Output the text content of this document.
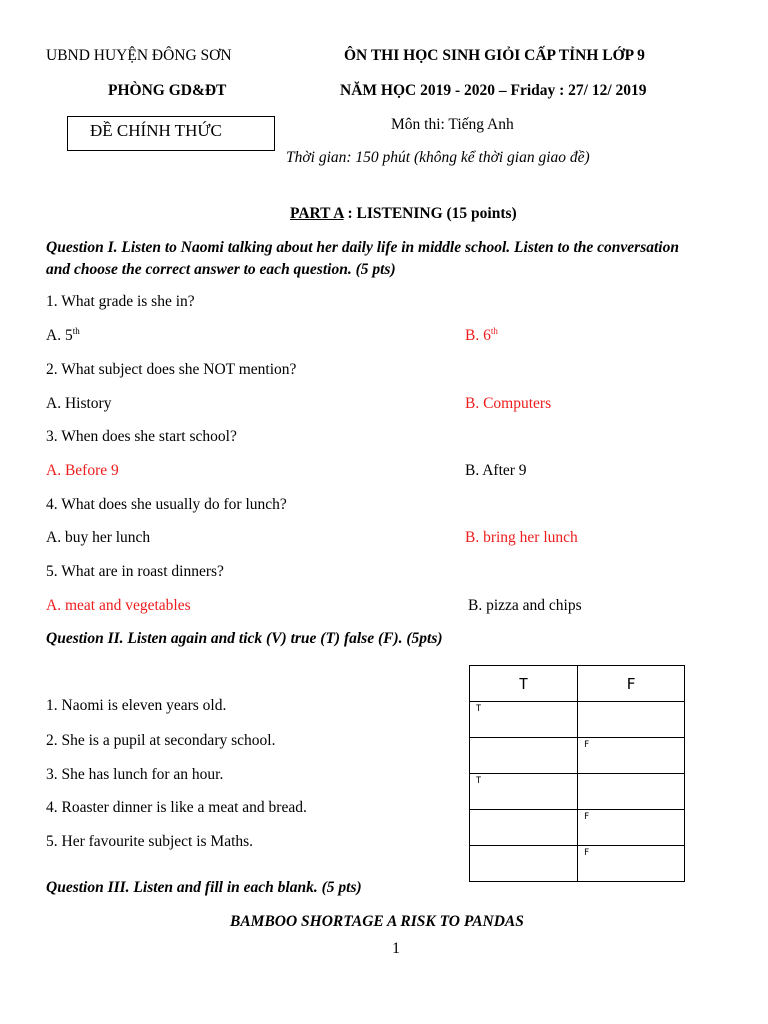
UBND HUYỆN ĐÔNG SƠN
PHÒNG GD&ĐT
ĐỀ CHÍNH THỨC
ÔN THI HỌC SINH GIỎI CẤP TỈNH LỚP 9
NĂM HỌC 2019 - 2020 – Friday : 27/ 12/ 2019
Môn thi: Tiếng Anh
Thời gian: 150 phút (không kể thời gian giao đề)
PART A : LISTENING (15 points)
Question I. Listen to Naomi talking about her daily life in middle school. Listen to the conversation and choose the correct answer to each question. (5 pts)
1. What grade is she in?
A. 5th	B. 6th
2. What subject does she NOT mention?
A. History	B. Computers
3. When does she start school?
A. Before 9	B. After 9
4. What does she usually do for lunch?
A. buy her lunch	B. bring her lunch
5. What are in roast dinners?
A. meat and vegetables	B. pizza and chips
Question II. Listen again and tick (V) true (T) false (F). (5pts)
1. Naomi is eleven years old.
2. She is a pupil at secondary school.
3. She has lunch for an hour.
4. Roaster dinner is like a meat and bread.
5. Her favourite subject is Maths.
T	F

T	

	F

T	

	F

	F
Question III. Listen and fill in each blank. (5 pts)
BAMBOO SHORTAGE A RISK TO PANDAS
1
